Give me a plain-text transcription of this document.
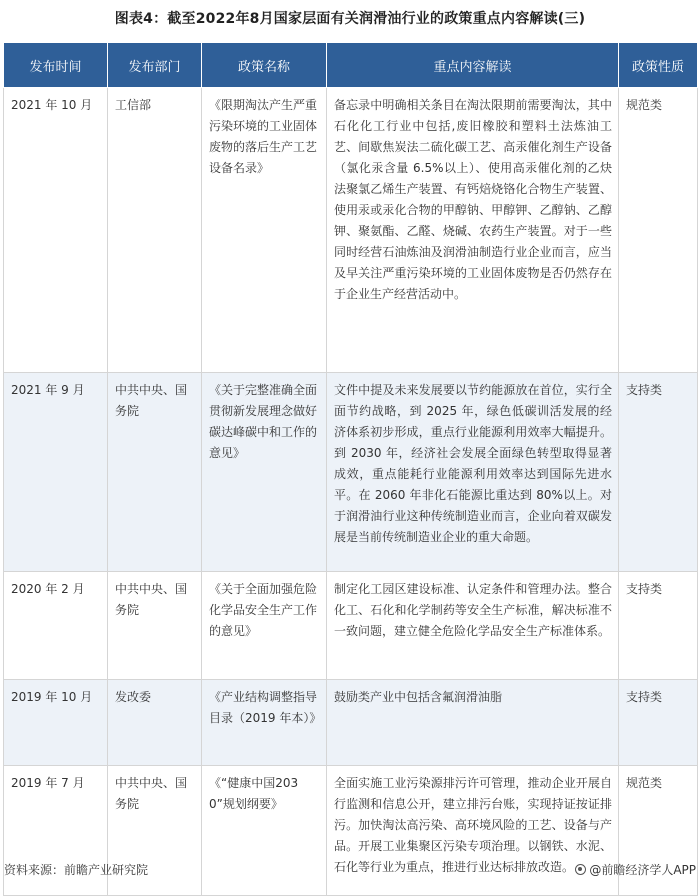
图表4：截至2022年8月国家层面有关润滑油行业的政策重点内容解读(三)
发布时间	发布部门	政策名称	重点内容解读	政策性质
2021 年 10 月	工信部	《限期淘汰产生严重污染环境的工业固体废物的落后生产工艺设备名录》	备忘录中明确相关条目在淘汰限期前需要淘汰，其中石化化工行业中包括,废旧橡胶和塑料土法炼油工艺、间歇焦炭法二硫化碳工艺、高汞催化剂生产设备（氯化汞含量 6.5%以上）、使用高汞催化剂的乙炔法聚氯乙烯生产装置、有钙焙烧铬化合物生产装置、使用汞或汞化合物的甲醇钠、甲醇钾、乙醇钠、乙醇钾、聚氨酯、乙醛、烧碱、农药生产装置。对于一些同时经营石油炼油及润滑油制造行业企业而言，应当及早关注严重污染环境的工业固体废物是否仍然存在于企业生产经营活动中。	规范类
2021 年 9 月	中共中央、国务院	《关于完整准确全面贯彻新发展理念做好碳达峰碳中和工作的意见》	文件中提及未来发展要以节约能源放在首位，实行全面节约战略，到 2025 年，绿色低碳训活发展的经济体系初步形成，重点行业能源利用效率大幅提升。到 2030 年，经济社会发展全面绿色转型取得显著成效，重点能耗行业能源利用效率达到国际先进水平。在 2060 年非化石能源比重达到 80%以上。对于润滑油行业这种传统制造业而言，企业向着双碳发展是当前传统制造业企业的重大命题。	支持类
2020 年 2 月	中共中央、国务院	《关于全面加强危险化学品安全生产工作的意见》	制定化工园区建设标准、认定条件和管理办法。整合化工、石化和化学制药等安全生产标准，解决标准不一致问题，建立健全危险化学品安全生产标准体系。	支持类
2019 年 10 月	发改委	《产业结构调整指导目录（2019 年本）》	鼓励类产业中包括含氟润滑油脂	支持类
2019 年 7 月	中共中央、国务院	《“健康中国2030”规划纲要》	全面实施工业污染源排污许可管理，推动企业开展自行监测和信息公开，建立排污台账，实现持证按证排污。加快淘汰高污染、高环境风险的工艺、设备与产品。开展工业集聚区污染专项治理。以钢铁、水泥、石化等行业为重点，推进行业达标排放改造。	规范类
资料来源：前瞻产业研究院	@前瞻经济学人APP
